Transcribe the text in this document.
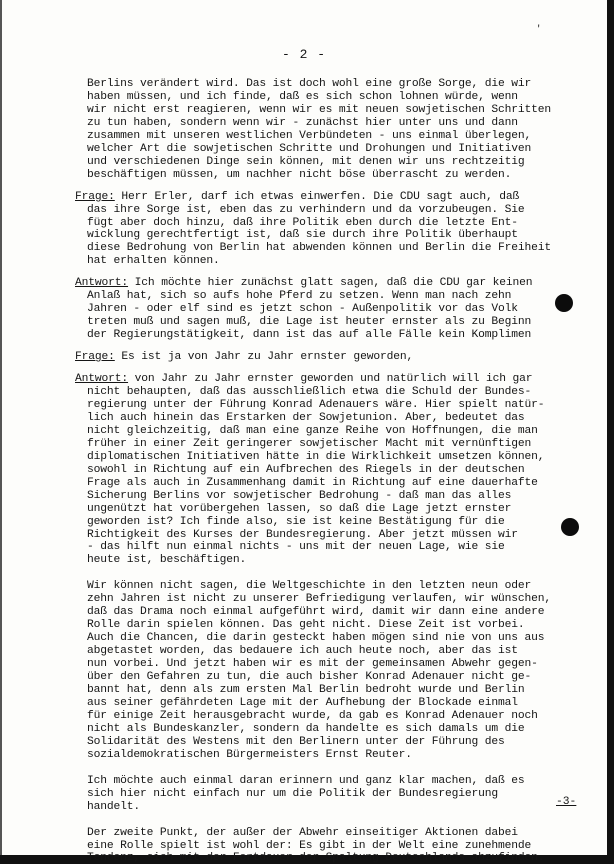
'
- 2 -
Berlins verändert wird. Das ist doch wohl eine große Sorge, die wir
haben müssen, und ich finde, daß es sich schon lohnen würde, wenn
wir nicht erst reagieren, wenn wir es mit neuen sowjetischen Schritten
zu tun haben, sondern wenn wir - zunächst hier unter uns und dann
zusammen mit unseren westlichen Verbündeten - uns einmal überlegen,
welcher Art die sowjetischen Schritte und Drohungen und Initiativen
und verschiedenen Dinge sein können, mit denen wir uns rechtzeitig
beschäftigen müssen, um nachher nicht böse überrascht zu werden.
Frage: Herr Erler, darf ich etwas einwerfen. Die CDU sagt auch, daß
das ihre Sorge ist, eben das zu verhindern und da vorzubeugen. Sie
fügt aber doch hinzu, daß ihre Politik eben durch die letzte Ent-
wicklung gerechtfertigt ist, daß sie durch ihre Politik überhaupt
diese Bedrohung von Berlin hat abwenden können und Berlin die Freiheit
hat erhalten können.
Antwort: Ich möchte hier zunächst glatt sagen, daß die CDU gar keinen
Anlaß hat, sich so aufs hohe Pferd zu setzen. Wenn man nach zehn
Jahren - oder elf sind es jetzt schon - Außenpolitik vor das Volk
treten muß und sagen muß, die Lage ist heuter ernster als zu Beginn
der Regierungstätigkeit, dann ist das auf alle Fälle kein Komplimen
Frage: Es ist ja von Jahr zu Jahr ernster geworden,
Antwort: von Jahr zu Jahr ernster geworden und natürlich will ich gar
nicht behaupten, daß das ausschließlich etwa die Schuld der Bundes-
regierung unter der Führung Konrad Adenauers wäre. Hier spielt natür-
lich auch hinein das Erstarken der Sowjetunion. Aber, bedeutet das
nicht gleichzeitig, daß man eine ganze Reihe von Hoffnungen, die man
früher in einer Zeit geringerer sowjetischer Macht mit vernünftigen
diplomatischen Initiativen hätte in die Wirklichkeit umsetzen können,
sowohl in Richtung auf ein Aufbrechen des Riegels in der deutschen
Frage als auch in Zusammenhang damit in Richtung auf eine dauerhafte
Sicherung Berlins vor sowjetischer Bedrohung - daß man das alles
ungenützt hat vorübergehen lassen, so daß die Lage jetzt ernster
geworden ist? Ich finde also, sie ist keine Bestätigung für die
Richtigkeit des Kurses der Bundesregierung. Aber jetzt müssen wir
- das hilft nun einmal nichts - uns mit der neuen Lage, wie sie
heute ist, beschäftigen.
Wir können nicht sagen, die Weltgeschichte in den letzten neun oder
zehn Jahren ist nicht zu unserer Befriedigung verlaufen, wir wünschen,
daß das Drama noch einmal aufgeführt wird, damit wir dann eine andere
Rolle darin spielen können. Das geht nicht. Diese Zeit ist vorbei.
Auch die Chancen, die darin gesteckt haben mögen sind nie von uns aus
abgetastet worden, das bedauere ich auch heute noch, aber das ist
nun vorbei. Und jetzt haben wir es mit der gemeinsamen Abwehr gegen-
über den Gefahren zu tun, die auch bisher Konrad Adenauer nicht ge-
bannt hat, denn als zum ersten Mal Berlin bedroht wurde und Berlin
aus seiner gefährdeten Lage mit der Aufhebung der Blockade einmal
für einige Zeit herausgebracht wurde, da gab es Konrad Adenauer noch
nicht als Bundeskanzler, sondern da handelte es sich damals um die
Solidarität des Westens mit den Berlinern unter der Führung des
sozialdemokratischen Bürgermeisters Ernst Reuter.
Ich möchte auch einmal daran erinnern und ganz klar machen, daß es
sich hier nicht einfach nur um die Politik der Bundesregierung
handelt.
Der zweite Punkt, der außer der Abwehr einseitiger Aktionen dabei
eine Rolle spielt ist wohl der: Es gibt in der Welt eine zunehmende
Tendenz, sich mit der Fortdauer der Spaltung Deutschlands abzufinden.
-3-
